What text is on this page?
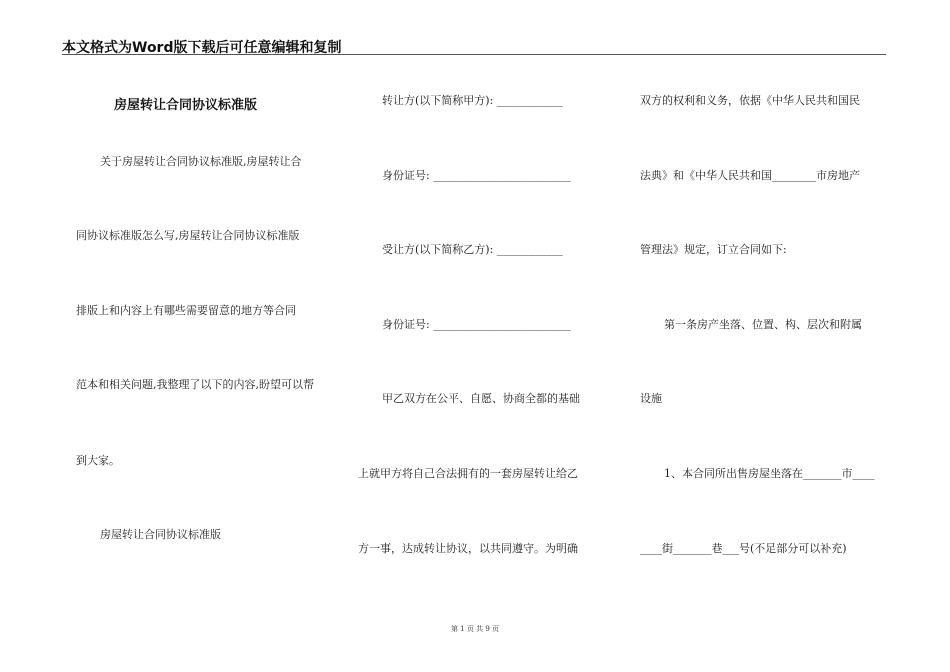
本文格式为Word版下载后可任意编辑和复制
房屋转让合同协议标准版
关于房屋转让合同协议标准版,房屋转让合
同协议标准版怎么写,房屋转让合同协议标准版
排版上和内容上有哪些需要留意的地方等合同
范本和相关问题,我整理了以下的内容,盼望可以帮
到大家。
房屋转让合同协议标准版
转让方(以下简称甲方): ____________
身份证号: _________________________
受让方(以下简称乙方): ____________
身份证号: _________________________
甲乙双方在公平、自愿、协商全都的基础
上就甲方将自己合法拥有的一套房屋转让给乙
方一事，达成转让协议，以共同遵守。为明确
双方的权利和义务，依据《中华人民共和国民
法典》和《中华人民共和国________市房地产
管理法》规定，订立合同如下:
第一条房产坐落、位置、构、层次和附属
设施
1、本合同所出售房屋坐落在_______市____
____街_______巷___号(不足部分可以补充)
第 1 页 共 9 页
